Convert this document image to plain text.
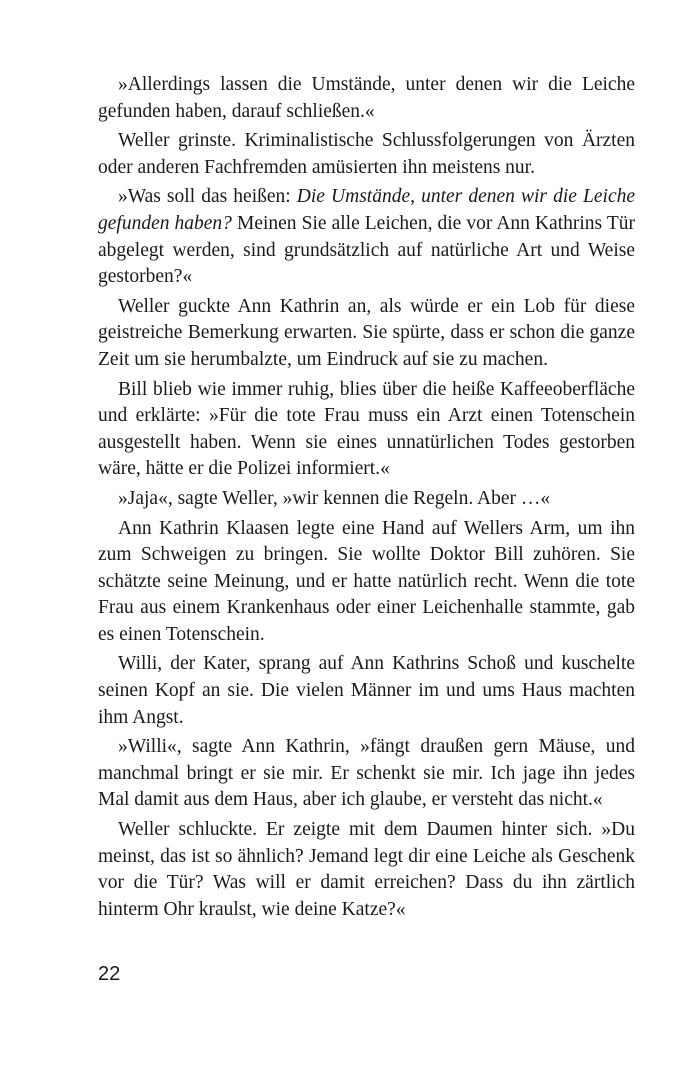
»Allerdings lassen die Umstände, unter denen wir die Leiche gefunden haben, darauf schließen.«

Weller grinste. Kriminalistische Schlussfolgerungen von Ärzten oder anderen Fachfremden amüsierten ihn meistens nur.

»Was soll das heißen: Die Umstände, unter denen wir die Leiche gefunden haben? Meinen Sie alle Leichen, die vor Ann Kathrins Tür abgelegt werden, sind grundsätzlich auf natürliche Art und Weise gestorben?«

Weller guckte Ann Kathrin an, als würde er ein Lob für diese geistreiche Bemerkung erwarten. Sie spürte, dass er schon die ganze Zeit um sie herumbalzte, um Eindruck auf sie zu machen.

Bill blieb wie immer ruhig, blies über die heiße Kaffeeoberfläche und erklärte: »Für die tote Frau muss ein Arzt einen Totenschein ausgestellt haben. Wenn sie eines unnatürlichen Todes gestorben wäre, hätte er die Polizei informiert.«

»Jaja«, sagte Weller, »wir kennen die Regeln. Aber …«

Ann Kathrin Klaasen legte eine Hand auf Wellers Arm, um ihn zum Schweigen zu bringen. Sie wollte Doktor Bill zuhören. Sie schätzte seine Meinung, und er hatte natürlich recht. Wenn die tote Frau aus einem Krankenhaus oder einer Leichenhalle stammte, gab es einen Totenschein.

Willi, der Kater, sprang auf Ann Kathrins Schoß und kuschelte seinen Kopf an sie. Die vielen Männer im und ums Haus machten ihm Angst.

»Willi«, sagte Ann Kathrin, »fängt draußen gern Mäuse, und manchmal bringt er sie mir. Er schenkt sie mir. Ich jage ihn jedes Mal damit aus dem Haus, aber ich glaube, er versteht das nicht.«

Weller schluckte. Er zeigte mit dem Daumen hinter sich. »Du meinst, das ist so ähnlich? Jemand legt dir eine Leiche als Geschenk vor die Tür? Was will er damit erreichen? Dass du ihn zärtlich hinterm Ohr kraulst, wie deine Katze?«

22
